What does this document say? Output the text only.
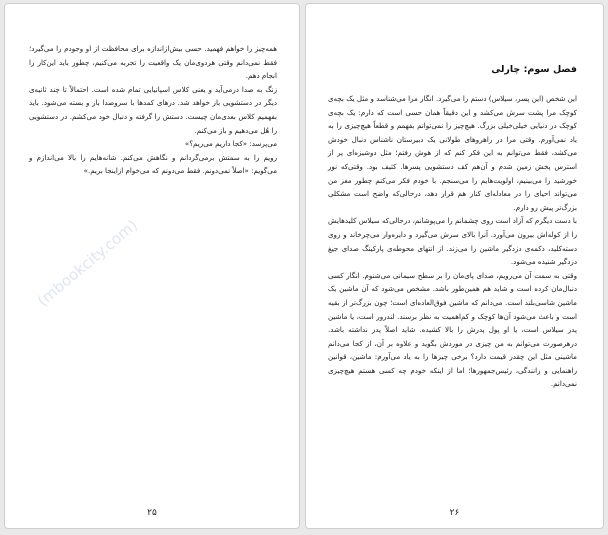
(mbookcity.com)

همه‌چیز را خواهم فهمید. حسی بیش‌ازاندازه برای محافظت از او وجودم را می‌گیرد؛ فقط نمی‌دانم وقتی هردوی‌مان یک واقعیت را تجربه می‌کنیم، چطور باید این‌کار را انجام دهم.

زنگ به صدا درمی‌آید و یعنی کلاس اسپانیایی تمام شده است. احتمالاً تا چند ثانیه‌ی دیگر در دستشویی باز خواهد شد. درهای کمدها با سروصدا باز و بسته می‌شود. باید بفهمیم کلاس بعدی‌مان چیست. دستش را گرفته و دنبال خود می‌کشم. در دستشویی را هُل می‌دهیم و باز می‌کنم.

می‌پرسد: «کجا داریم می‌ریم؟»

رویم را به سمتش برمی‌گردانم و نگاهش می‌کنم. شانه‌هایم را بالا می‌اندازم و می‌گویم: «اصلاً نمی‌دونم. فقط می‌دونم که می‌خوام ازاینجا بریم.»

۲۵
فصل سوم: چارلی

این شخص (این پسر، سیلاس) دستم را می‌گیرد. انگار مرا می‌شناسد و مثل یک بچه‌ی کوچک مرا پشت سرش می‌کشد و این دقیقاً همان حسی است که دارم: یک بچه‌ی کوچک در دنیایی خیلی‌خیلی بزرگ. هیچ‌چیز را نمی‌توانم بفهمم و قطعاً هیچ‌چیزی را به یاد نمی‌آورم. وقتی مرا در راهروهای طولانی یک دبیرستان ناشناس دنبال خودش می‌کشد، فقط می‌توانم به این فکر کنم که از هوش رفتم؛ مثل دوشیزه‌ای پر از استرس پخش زمین شدم و آن‌هم کف دستشویی پسرها. کثیف بود. وقتی‌که نور خورشید را می‌بینیم، اولویت‌هایم را می‌سنجم. با خودم فکر می‌کنم چطور مغز من می‌تواند احیای را در معادله‌ای کنار هم قرار دهد، درحالی‌که واضح است مشکلی بزرگ‌تر پیش رو دارم.

با دست دیگرم که آزاد است روی چشمانم را می‌پوشانم، درحالی‌که سیلاس کلیدهایش را از کوله‌اش بیرون می‌آورد. آنرا بالای سرش می‌گیرد و دایره‌وار می‌چرخاند و روی دسته‌کلید، دکمه‌ی دزدگیر ماشین را می‌زند. از انتهای محوطه‌ی پارکینگ صدای جیغ دزدگیر شنیده می‌شود.

وقتی به سمت آن می‌رویم، صدای پای‌مان را بر سطح سیمانی می‌شنوم. انگار کسی دنبال‌مان کرده است و شاید هم همین‌طور باشد. مشخص می‌شود که آن ماشین یک ماشین شاسی‌بلند است. می‌دانم که ماشین فوق‌العاده‌ای است؛ چون بزرگ‌تر از بقیه است و باعث می‌شود آن‌ها کوچک و کم‌اهمیت به نظر برسند. لندرور است، یا ماشین پدر سیلاس است، یا او پول پدرش را بالا کشیده. شاید اصلاً پدر نداشته باشد. درهرصورت می‌توانم به من چیزی در موردش بگوید و علاوه بر آن، از کجا می‌دانم ماشینی مثل این چقدر قیمت دارد؟ برخی چیزها را به یاد می‌آورم: ماشین، قوانین راهنمایی و رانندگی، رئیس‌جمهورها؛ اما از اینکه خودم چه کسی هستم هیچ‌چیزی نمی‌دانم.

۲۶
